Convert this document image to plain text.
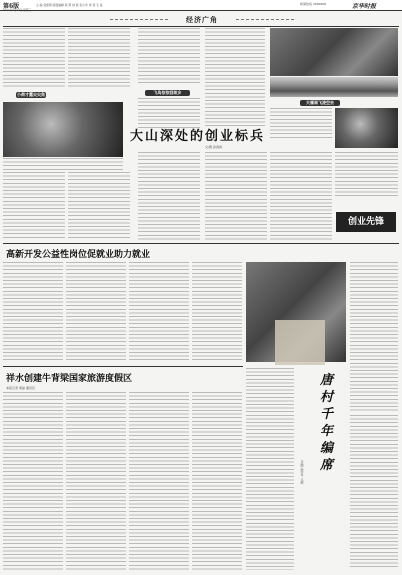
第6版
2014年9月27日 星期三
主 编 吴振明 版面编辑 杨 辉 排 版 张小华 审 读 毛 泓	新闻热线 2889606	京华时报
经济广角
小荷才露尖尖角	飞鸟依依回故乡
大雁南飞凌空去
大山深处的创业标兵
文/图 孙春雨
创业先锋
高新开发公益性岗位促就业助力就业
祥水创建牛背梁国家旅游度假区
本报记者 周丽 通讯员	唐村千年编席
文/图 孙学平 王岷
